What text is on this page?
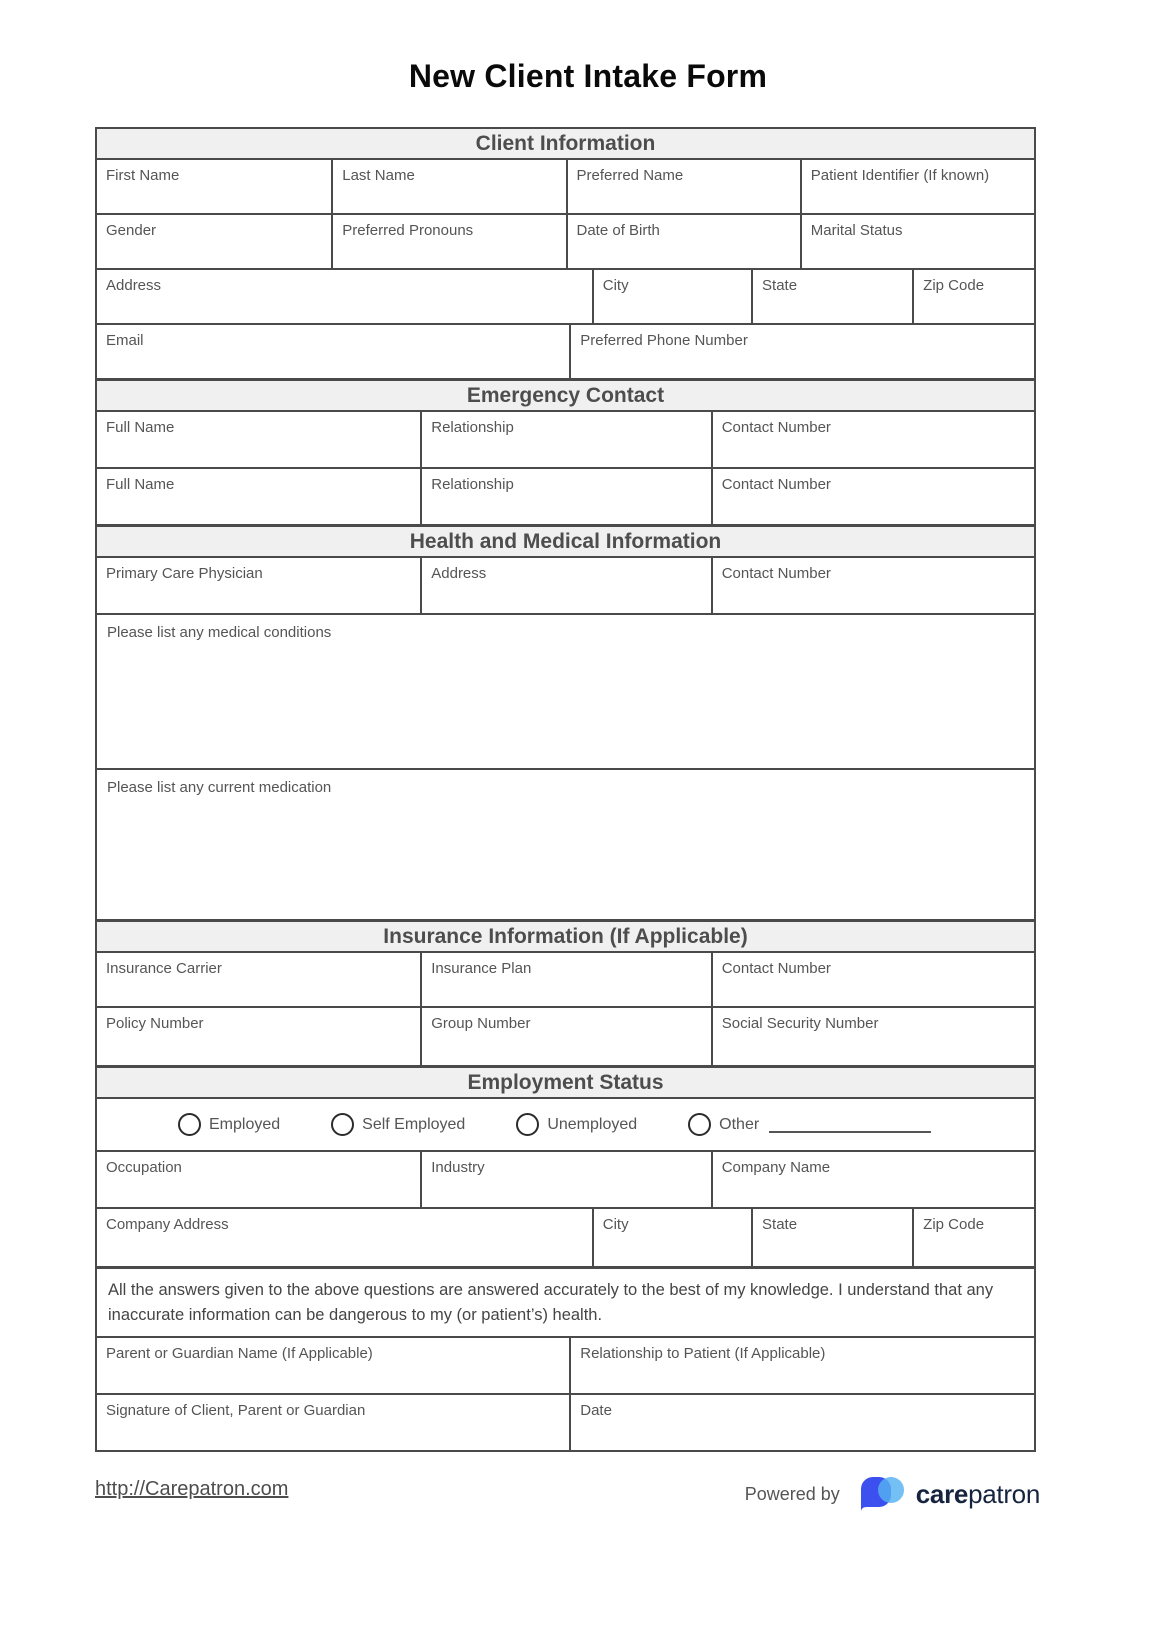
New Client Intake Form
Client Information
First Name	Last Name	Preferred Name	Patient Identifier (If known)
Gender	Preferred Pronouns	Date of Birth	Marital Status
Address	City	State	Zip Code
Email	Preferred Phone Number
Emergency Contact
Full Name	Relationship	Contact Number
Full Name	Relationship	Contact Number
Health and Medical Information
Primary Care Physician	Address	Contact Number
Please list any medical conditions
Please list any current medication
Insurance Information (If Applicable)
Insurance Carrier	Insurance Plan	Contact Number
Policy Number	Group Number	Social Security Number
Employment Status
Employed	Self Employed	Unemployed	Other
Occupation	Industry	Company Name
Company Address	City	State	Zip Code
All the answers given to the above questions are answered accurately to the best of my knowledge. I understand that any inaccurate information can be dangerous to my (or patient’s) health.
Parent or Guardian Name (If Applicable)	Relationship to Patient (If Applicable)
Signature of Client, Parent or Guardian	Date
http://Carepatron.com	Powered by	carepatron
